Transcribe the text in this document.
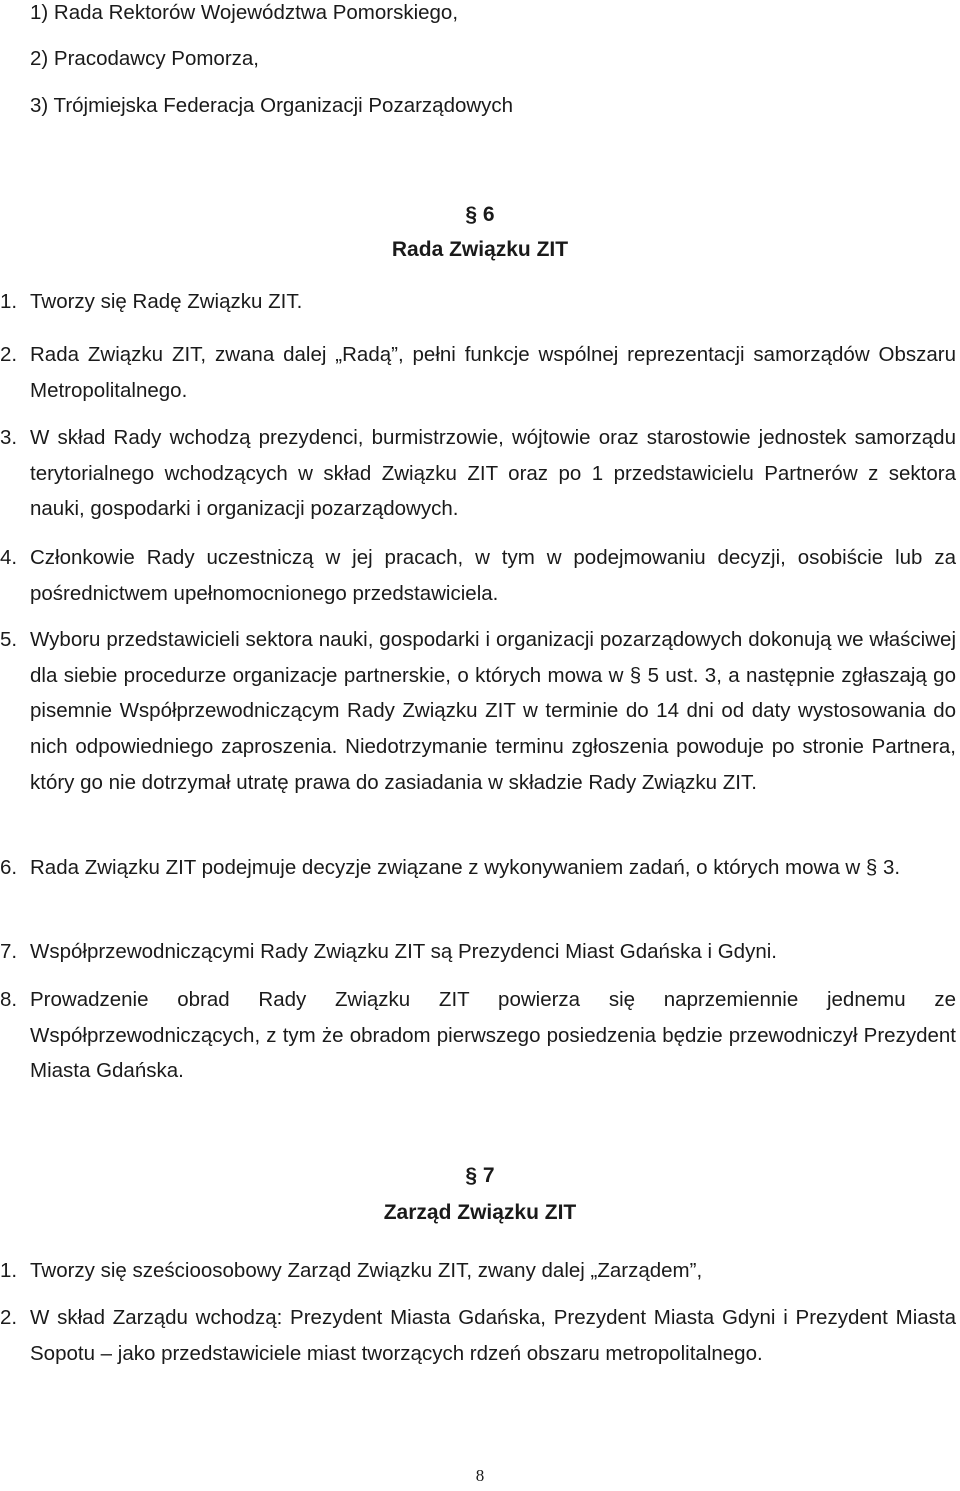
1) Rada Rektorów Województwa Pomorskiego,
2) Pracodawcy Pomorza,
3) Trójmiejska Federacja Organizacji Pozarządowych
§ 6
Rada Związku ZIT
1. Tworzy się Radę Związku ZIT.
2. Rada Związku ZIT, zwana dalej „Radą”, pełni funkcje wspólnej reprezentacji samorządów Obszaru Metropolitalnego.
3. W skład Rady wchodzą prezydenci, burmistrzowie, wójtowie oraz starostowie jednostek samorządu terytorialnego wchodzących w skład Związku ZIT oraz po 1 przedstawicielu Partnerów z sektora nauki, gospodarki i organizacji pozarządowych.
4. Członkowie Rady uczestniczą w jej pracach, w tym w podejmowaniu decyzji, osobiście lub za pośrednictwem upełnomocnionego przedstawiciela.
5. Wyboru przedstawicieli sektora nauki, gospodarki i organizacji pozarządowych dokonują we właściwej dla siebie procedurze organizacje partnerskie, o których mowa w § 5 ust. 3, a następnie zgłaszają go pisemnie Współprzewodniczącym Rady Związku ZIT w terminie do 14 dni od daty wystosowania do nich odpowiedniego zaproszenia. Niedotrzymanie terminu zgłoszenia powoduje po stronie Partnera, który go nie dotrzymał utratę prawa do zasiadania w składzie Rady Związku ZIT.
6. Rada Związku ZIT podejmuje decyzje związane z wykonywaniem zadań, o których mowa w § 3.
7. Współprzewodniczącymi Rady Związku ZIT są Prezydenci Miast Gdańska i Gdyni.
8. Prowadzenie obrad Rady Związku ZIT powierza się naprzemiennie jednemu ze Współprzewodniczących, z tym że obradom pierwszego posiedzenia będzie przewodniczył Prezydent Miasta Gdańska.
§ 7
Zarząd Związku ZIT
1. Tworzy się sześcioosobowy Zarząd Związku ZIT, zwany dalej „Zarządem”,
2. W skład Zarządu wchodzą: Prezydent Miasta Gdańska, Prezydent Miasta Gdyni i Prezydent Miasta Sopotu – jako przedstawiciele miast tworzących rdzeń obszaru metropolitalnego.
8
